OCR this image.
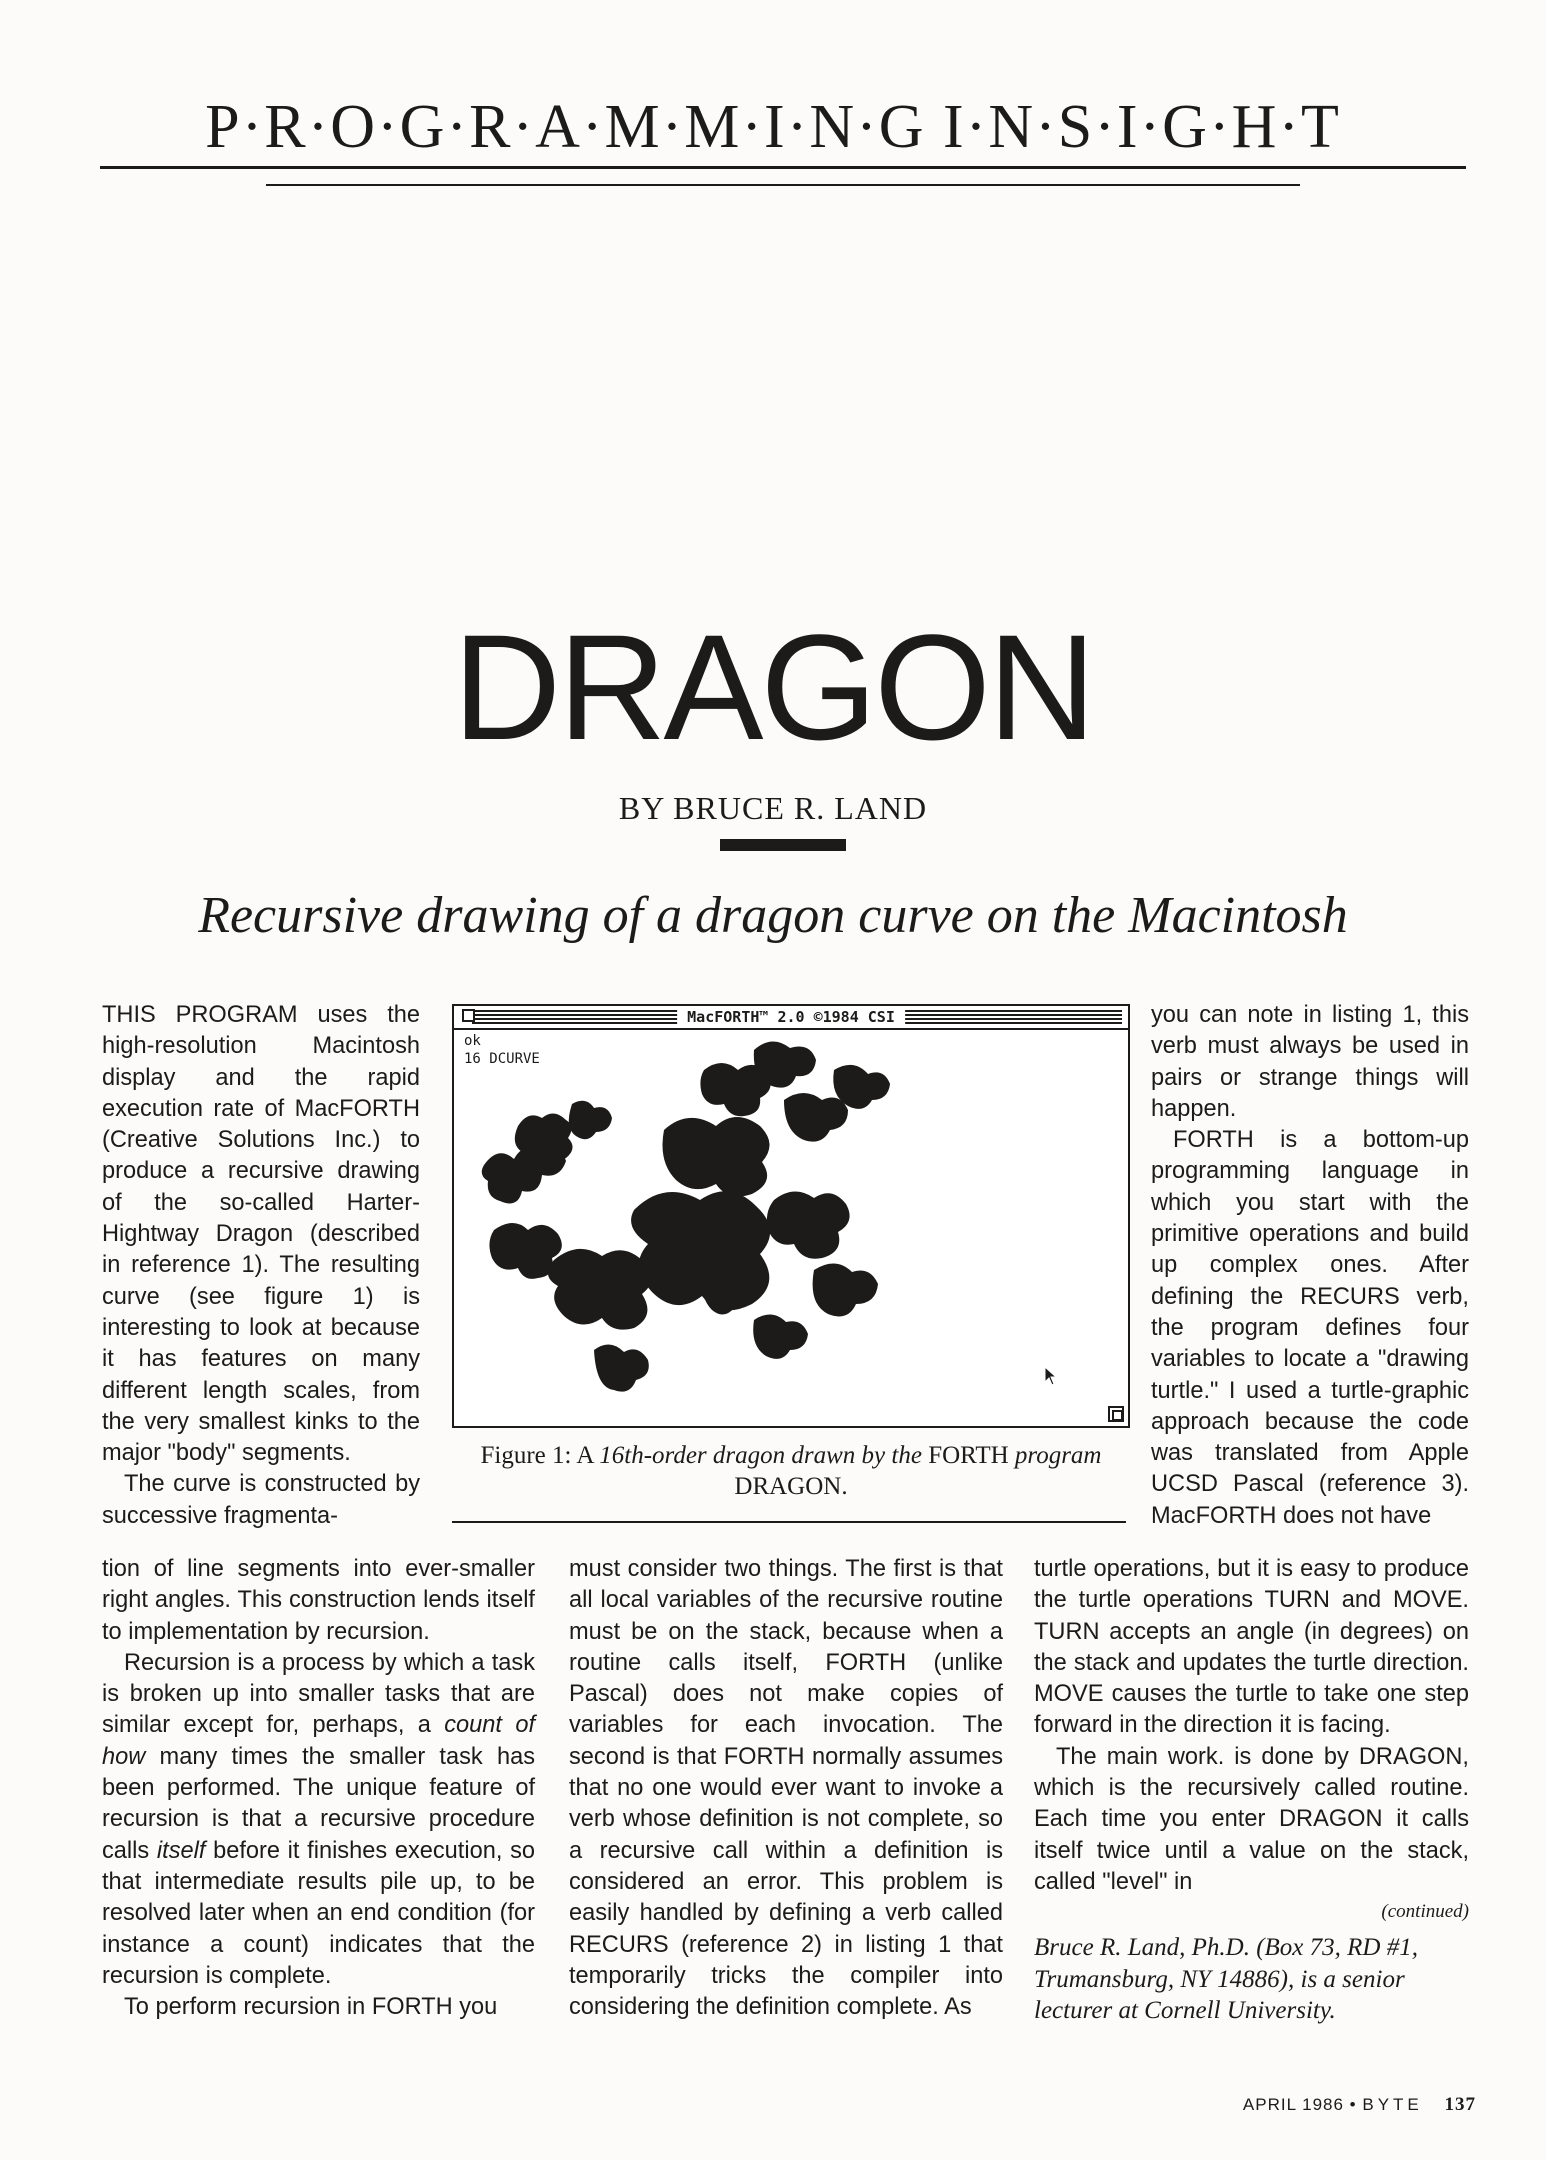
P·R·O·G·R·A·M·M·I·N·G I·N·S·I·G·H·T
DRAGON
BY BRUCE R. LAND
Recursive drawing of a dragon curve on the Macintosh

THIS PROGRAM uses the high-resolution Macintosh display and the rapid execution rate of MacFORTH (Creative Solutions Inc.) to produce a recursive drawing of the so-called Harter-Hightway Dragon (described in reference 1). The resulting curve (see figure 1) is interesting to look at because it has features on many different length scales, from the very smallest kinks to the major "body" segments.

The curve is constructed by successive fragmenta-

MacFORTH™ 2.0 ©1984 CSI
ok
16 DCURVE
Figure 1: A 16th-order dragon drawn by the FORTH program DRAGON.

tion of line segments into ever-smaller right angles. This construction lends itself to implementation by recursion.

Recursion is a process by which a task is broken up into smaller tasks that are similar except for, perhaps, a count of how many times the smaller task has been performed. The unique feature of recursion is that a recursive procedure calls itself before it finishes execution, so that intermediate results pile up, to be resolved later when an end condition (for instance a count) indicates that the recursion is complete.

To perform recursion in FORTH you

must consider two things. The first is that all local variables of the recursive routine must be on the stack, because when a routine calls itself, FORTH (unlike Pascal) does not make copies of variables for each invocation. The second is that FORTH normally assumes that no one would ever want to invoke a verb whose definition is not complete, so a recursive call within a definition is considered an error. This problem is easily handled by defining a verb called RECURS (reference 2) in listing 1 that temporarily tricks the compiler into considering the definition complete. As

you can note in listing 1, this verb must always be used in pairs or strange things will happen.

FORTH is a bottom-up programming language in which you start with the primitive operations and build up complex ones. After defining the RECURS verb, the program defines four variables to locate a "drawing turtle." I used a turtle-graphic approach because the code was translated from Apple UCSD Pascal (reference 3). MacFORTH does not have

turtle operations, but it is easy to produce the turtle operations TURN and MOVE. TURN accepts an angle (in degrees) on the stack and updates the turtle direction. MOVE causes the turtle to take one step forward in the direction it is facing.

The main work. is done by DRAGON, which is the recursively called routine. Each time you enter DRAGON it calls itself twice until a value on the stack, called "level" in

(continued)
Bruce R. Land, Ph.D. (Box 73, RD #1, Trumansburg, NY 14886), is a senior lecturer at Cornell University.
APRIL 1986 • BYTE 137
